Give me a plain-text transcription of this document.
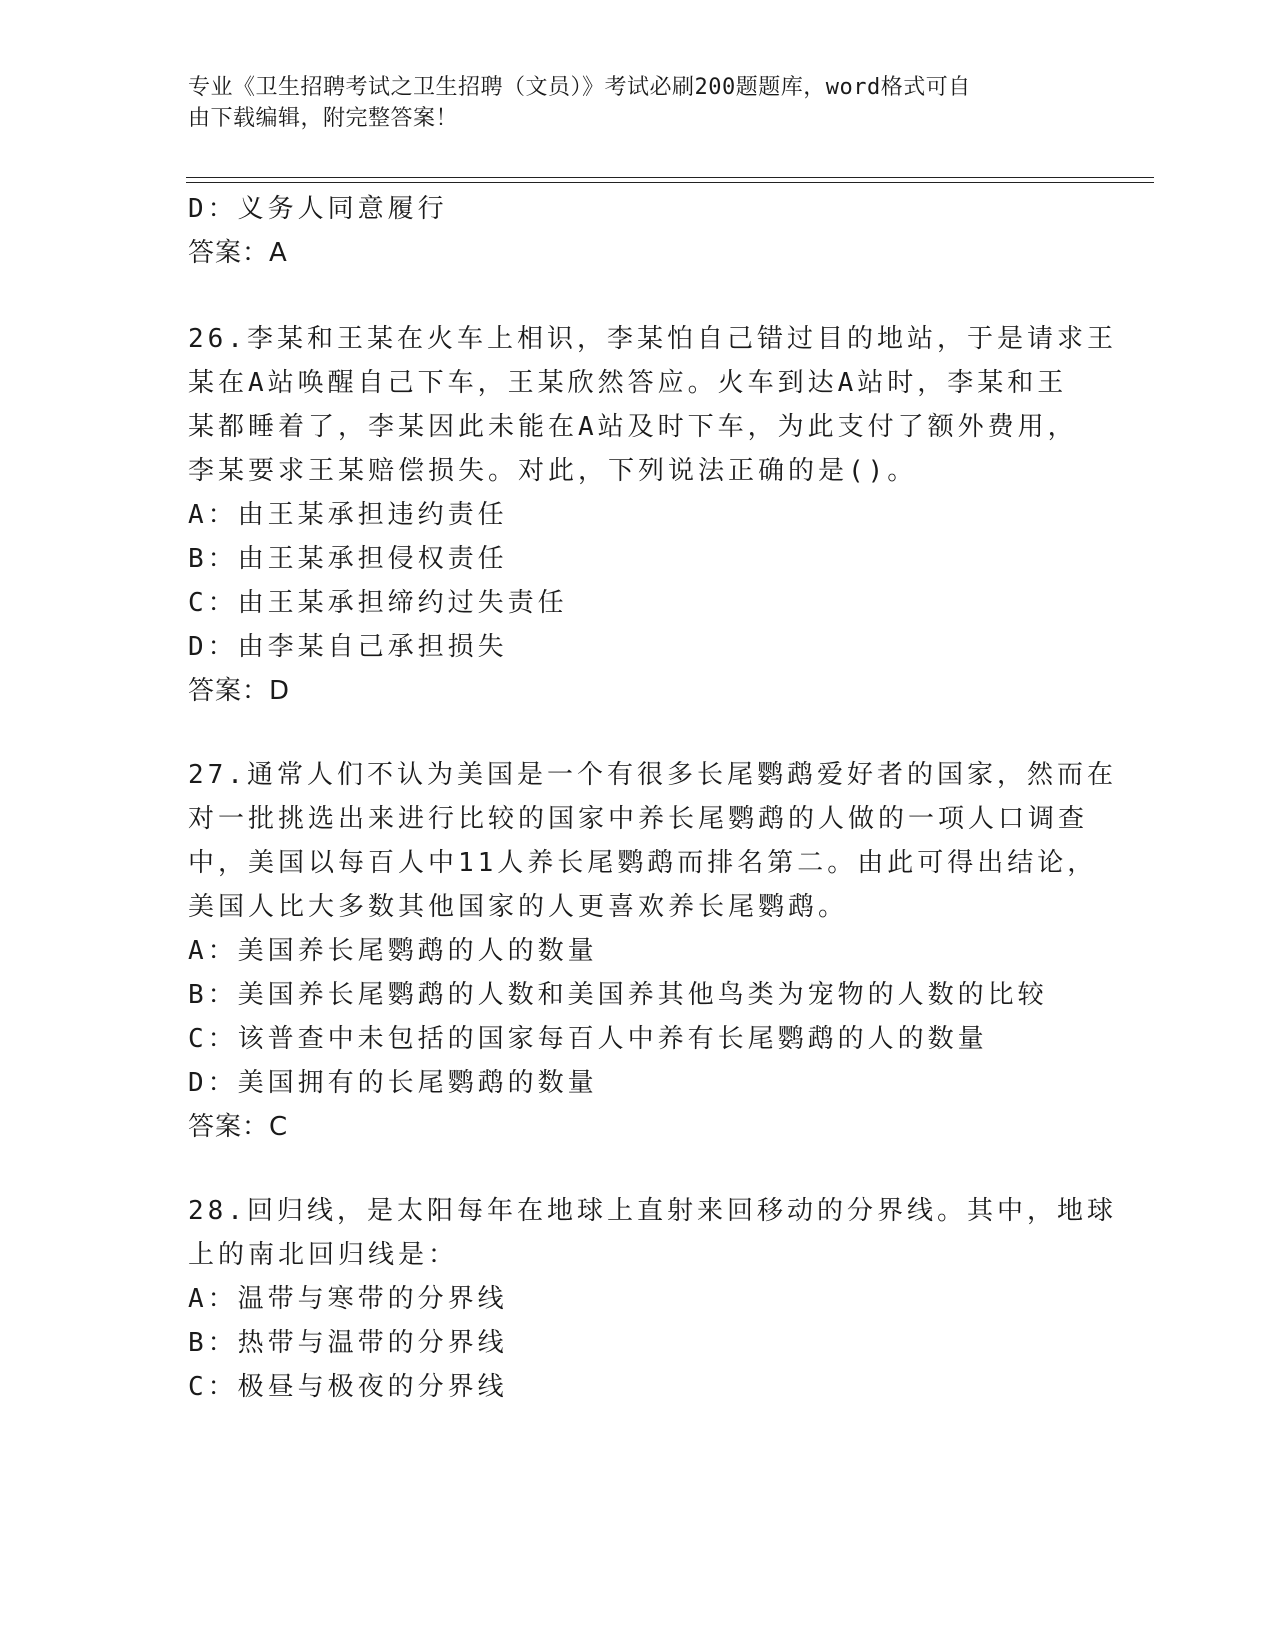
专业《卫生招聘考试之卫生招聘（文员）》考试必刷200题题库，word格式可自
由下载编辑，附完整答案！
D：义务人同意履行
答案：A
26.李某和王某在火车上相识，李某怕自己错过目的地站，于是请求王
某在A站唤醒自己下车，王某欣然答应。火车到达A站时，李某和王
某都睡着了，李某因此未能在A站及时下车，为此支付了额外费用，
李某要求王某赔偿损失。对此，下列说法正确的是()。
A：由王某承担违约责任
B：由王某承担侵权责任
C：由王某承担缔约过失责任
D：由李某自己承担损失
答案：D
27.通常人们不认为美国是一个有很多长尾鹦鹉爱好者的国家，然而在
对一批挑选出来进行比较的国家中养长尾鹦鹉的人做的一项人口调查
中，美国以每百人中11人养长尾鹦鹉而排名第二。由此可得出结论，
美国人比大多数其他国家的人更喜欢养长尾鹦鹉。
A：美国养长尾鹦鹉的人的数量
B：美国养长尾鹦鹉的人数和美国养其他鸟类为宠物的人数的比较
C：该普查中未包括的国家每百人中养有长尾鹦鹉的人的数量
D：美国拥有的长尾鹦鹉的数量
答案：C
28.回归线，是太阳每年在地球上直射来回移动的分界线。其中，地球
上的南北回归线是：
A：温带与寒带的分界线
B：热带与温带的分界线
C：极昼与极夜的分界线
